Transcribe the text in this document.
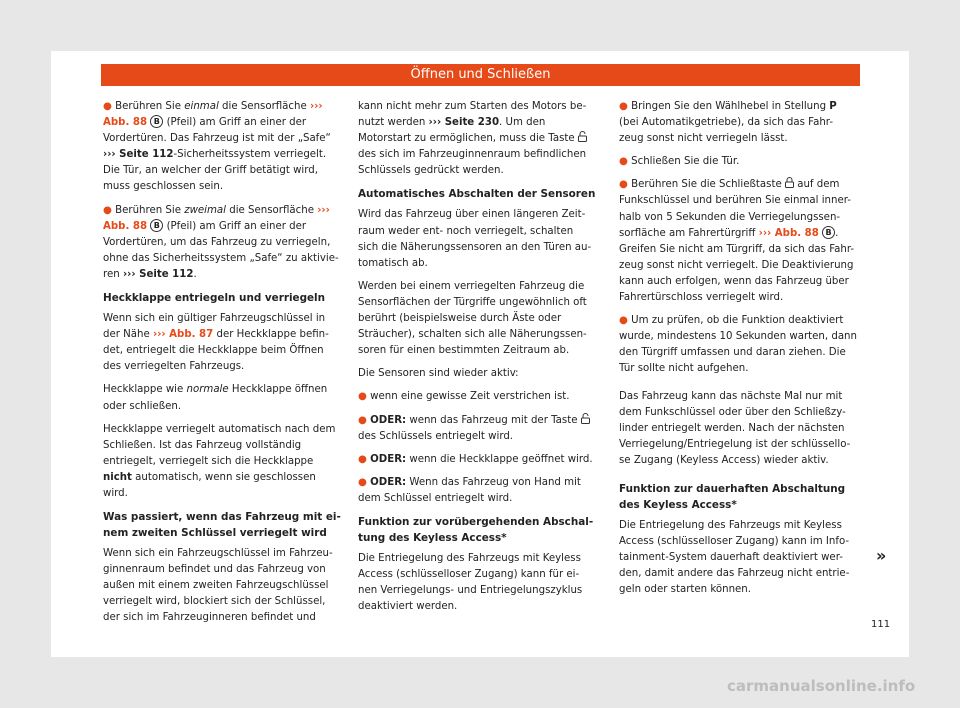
Öffnen und Schließen

● Berühren Sie einmal die Sensorfläche ››› Abb. 88 B (Pfeil) am Griff an einer der Vordertüren. Das Fahrzeug ist mit der „Safe“ ››› Seite 112-Sicherheitssystem verriegelt. Die Tür, an welcher der Griff betätigt wird, muss geschlossen sein.

● Berühren Sie zweimal die Sensorfläche ››› Abb. 88 B (Pfeil) am Griff an einer der Vordertüren, um das Fahrzeug zu verriegeln, ohne das Sicherheitssystem „Safe“ zu aktivie- ren ››› Seite 112.

Heckklappe entriegeln und verriegeln

Wenn sich ein gültiger Fahrzeugschlüssel in der Nähe ››› Abb. 87 der Heckklappe befin- det, entriegelt die Heckklappe beim Öffnen des verriegelten Fahrzeugs.

Heckklappe wie normale Heckklappe öffnen oder schließen.

Heckklappe verriegelt automatisch nach dem Schließen. Ist das Fahrzeug vollständig entriegelt, verriegelt sich die Heckklappe nicht automatisch, wenn sie geschlossen wird.

Was passiert, wenn das Fahrzeug mit ei- nem zweiten Schlüssel verriegelt wird

Wenn sich ein Fahrzeugschlüssel im Fahrzeu- ginnenraum befindet und das Fahrzeug von außen mit einem zweiten Fahrzeugschlüssel verriegelt wird, blockiert sich der Schlüssel, der sich im Fahrzeuginneren befindet und

kann nicht mehr zum Starten des Motors be- nutzt werden ››› Seite 230. Um den Motorstart zu ermöglichen, muss die Taste  des sich im Fahrzeuginnenraum befindlichen Schlüssels gedrückt werden.

Automatisches Abschalten der Sensoren

Wird das Fahrzeug über einen längeren Zeit- raum weder ent- noch verriegelt, schalten sich die Näherungssensoren an den Türen au- tomatisch ab.

Werden bei einem verriegelten Fahrzeug die Sensorflächen der Türgriffe ungewöhnlich oft berührt (beispielsweise durch Äste oder Sträucher), schalten sich alle Näherungssen- soren für einen bestimmten Zeitraum ab.

Die Sensoren sind wieder aktiv:

● wenn eine gewisse Zeit verstrichen ist.

● ODER: wenn das Fahrzeug mit der Taste  des Schlüssels entriegelt wird.

● ODER: wenn die Heckklappe geöffnet wird.

● ODER: Wenn das Fahrzeug von Hand mit dem Schlüssel entriegelt wird.

Funktion zur vorübergehenden Abschal- tung des Keyless Access*

Die Entriegelung des Fahrzeugs mit Keyless Access (schlüsselloser Zugang) kann für ei- nen Verriegelungs- und Entriegelungszyklus deaktiviert werden.

● Bringen Sie den Wählhebel in Stellung P (bei Automatikgetriebe), da sich das Fahr- zeug sonst nicht verriegeln lässt.

● Schließen Sie die Tür.

● Berühren Sie die Schließtaste  auf dem Funkschlüssel und berühren Sie einmal inner- halb von 5 Sekunden die Verriegelungssen- sorfläche am Fahrertürgriff ››› Abb. 88 B . Greifen Sie nicht am Türgriff, da sich das Fahr- zeug sonst nicht verriegelt. Die Deaktivierung kann auch erfolgen, wenn das Fahrzeug über Fahrertürschloss verriegelt wird.

● Um zu prüfen, ob die Funktion deaktiviert wurde, mindestens 10 Sekunden warten, dann den Türgriff umfassen und daran ziehen. Die Tür sollte nicht aufgehen.

Das Fahrzeug kann das nächste Mal nur mit dem Funkschlüssel oder über den Schließzy- linder entriegelt werden. Nach der nächsten Verriegelung/Entriegelung ist der schlüssello- se Zugang (Keyless Access) wieder aktiv.

Funktion zur dauerhaften Abschaltung des Keyless Access*

Die Entriegelung des Fahrzeugs mit Keyless Access (schlüsselloser Zugang) kann im Info- tainment-System dauerhaft deaktiviert wer- den, damit andere das Fahrzeug nicht entrie- geln oder starten können.

»
111
carmanualsonline.info
